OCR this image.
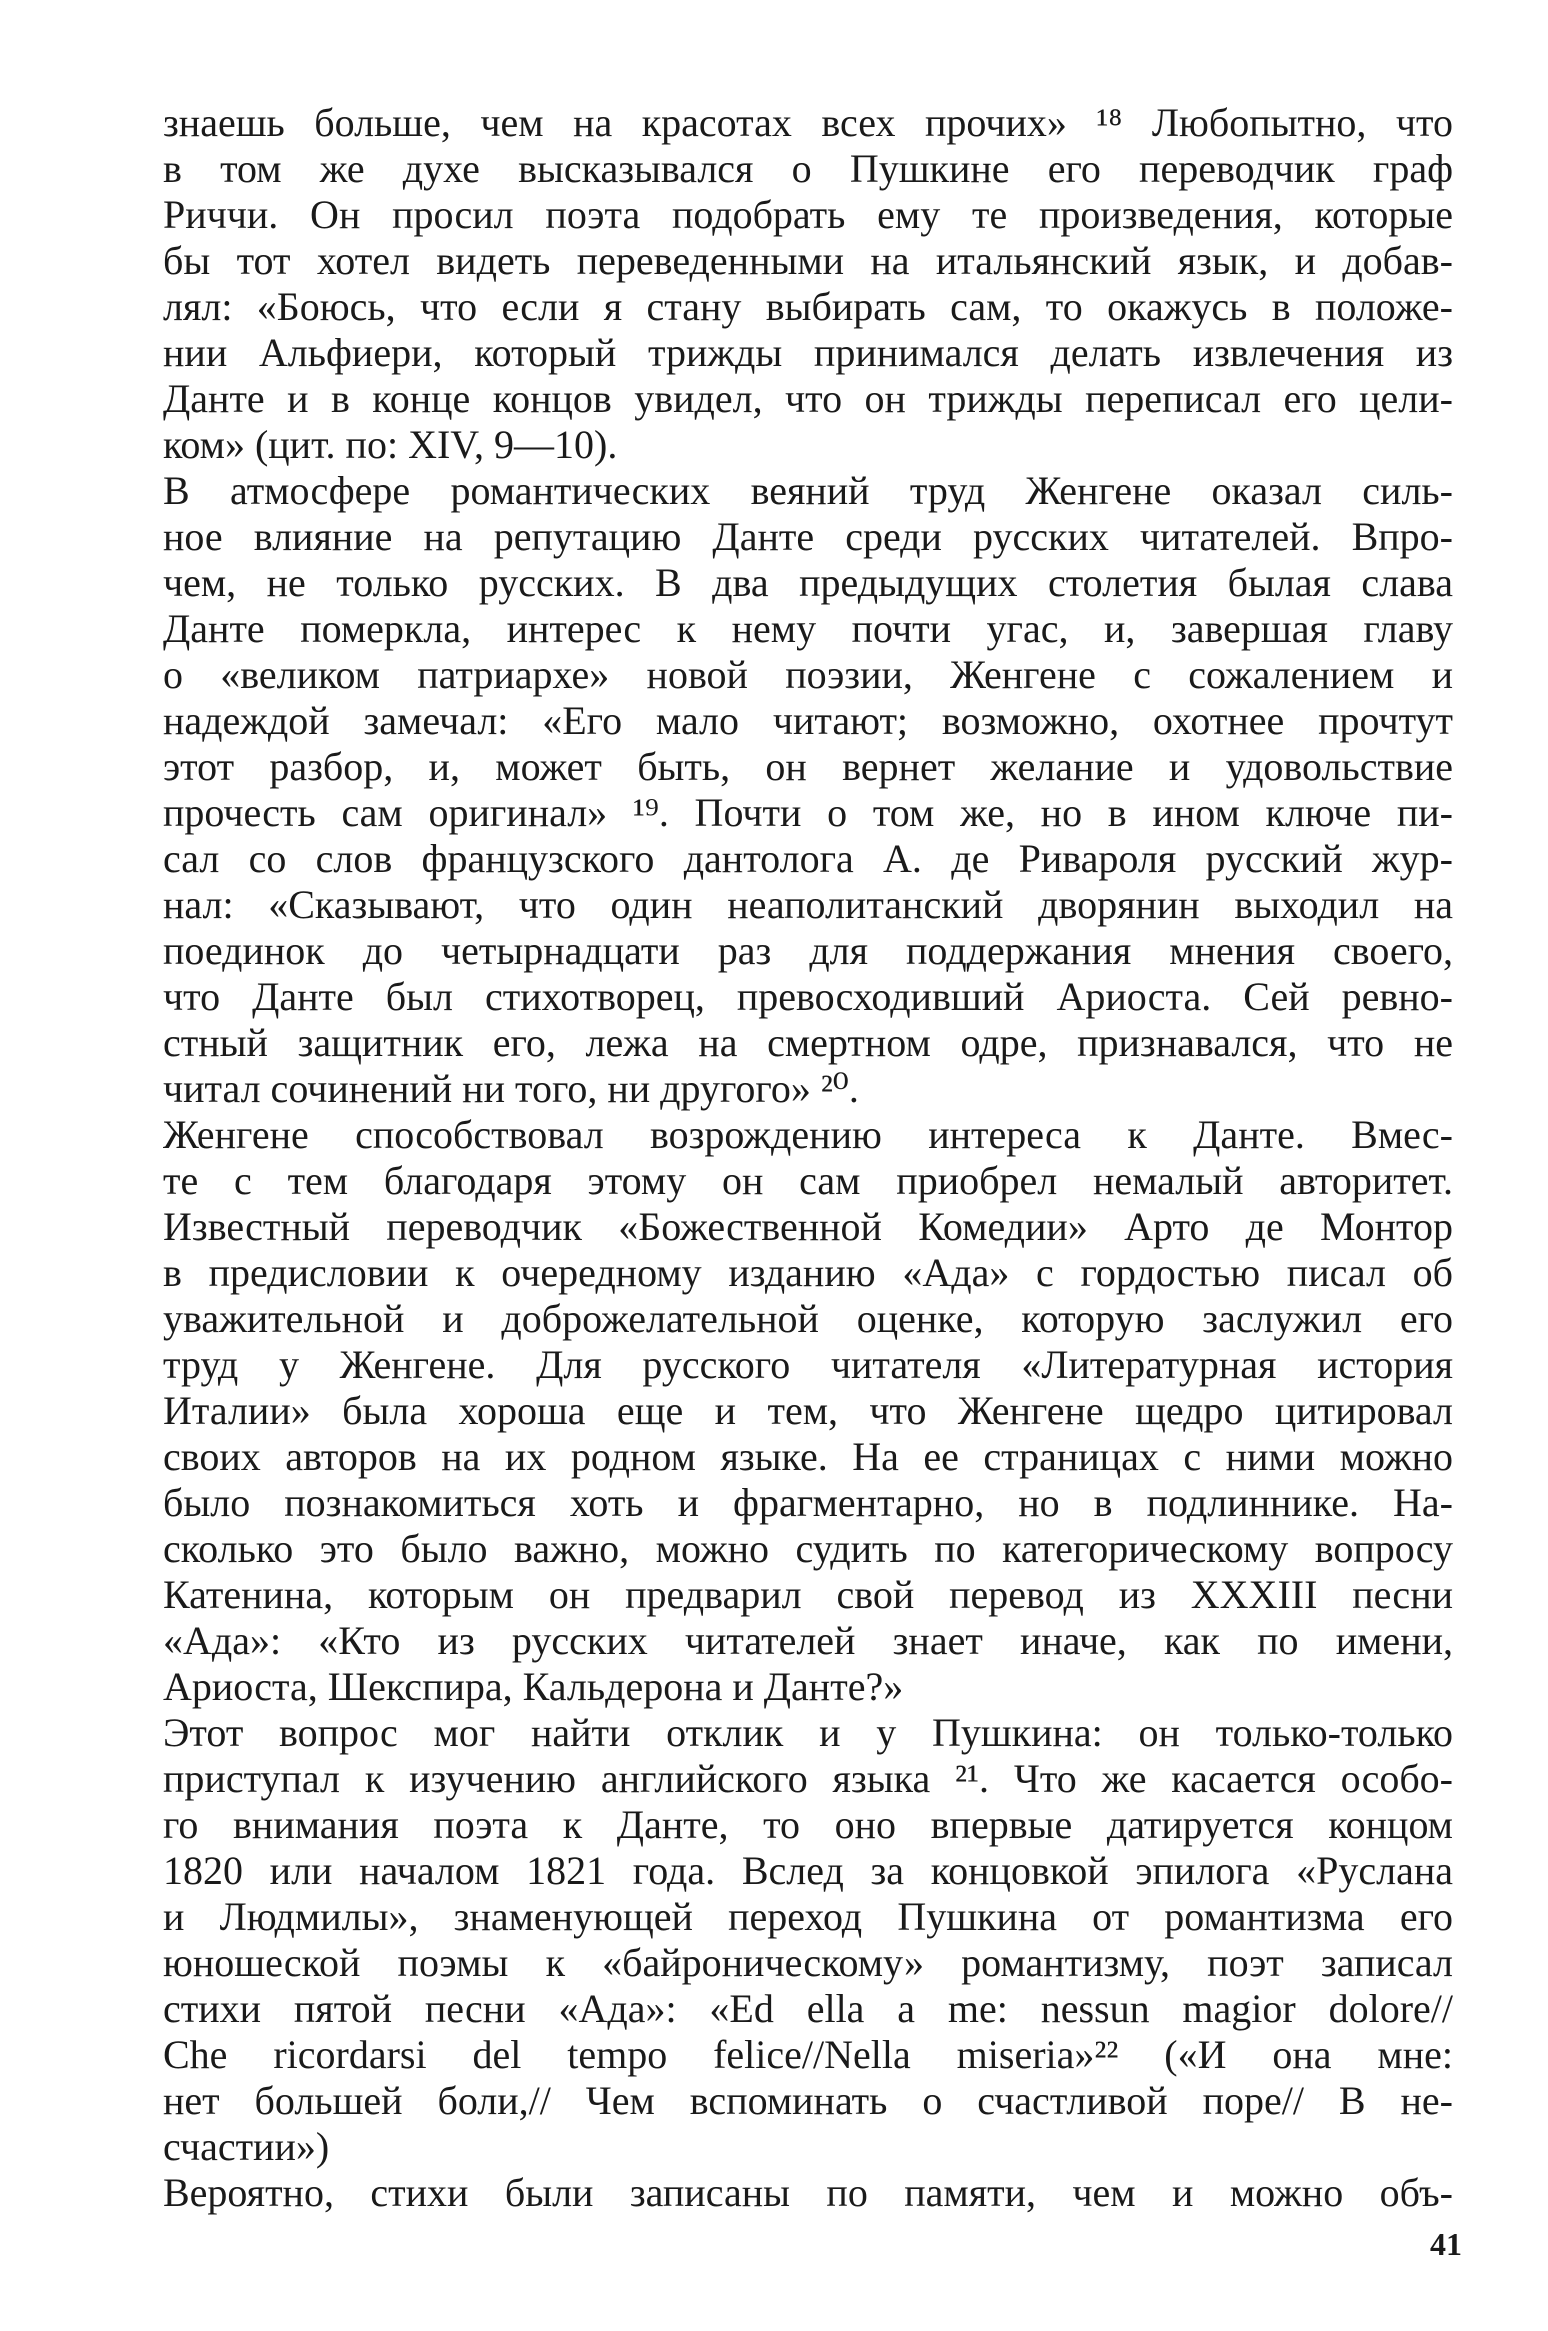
знаешь больше, чем на красотах всех прочих» ¹⁸ Любопытно, что
в том же духе высказывался о Пушкине его переводчик граф
Риччи. Он просил поэта подобрать ему те произведения, которые
бы тот хотел видеть переведенными на итальянский язык, и добав-
лял: «Боюсь, что если я стану выбирать сам, то окажусь в положе-
нии Альфиери, который трижды принимался делать извлечения из
Данте и в конце концов увидел, что он трижды переписал его цели-
ком» (цит. по: XIV, 9—10).
В атмосфере романтических веяний труд Женгене оказал силь-
ное влияние на репутацию Данте среди русских читателей. Впро-
чем, не только русских. В два предыдущих столетия былая слава
Данте померкла, интерес к нему почти угас, и, завершая главу
о «великом патриархе» новой поэзии, Женгене с сожалением и
надеждой замечал: «Его мало читают; возможно, охотнее прочтут
этот разбор, и, может быть, он вернет желание и удовольствие
прочесть сам оригинал» ¹⁹. Почти о том же, но в ином ключе пи-
сал со слов французского дантолога А. де Ривароля русский жур-
нал: «Сказывают, что один неаполитанский дворянин выходил на
поединок до четырнадцати раз для поддержания мнения своего,
что Данте был стихотворец, превосходивший Ариоста. Сей ревно-
стный защитник его, лежа на смертном одре, признавался, что не
читал сочинений ни того, ни другого» ²⁰.
Женгене способствовал возрождению интереса к Данте. Вмес-
те с тем благодаря этому он сам приобрел немалый авторитет.
Известный переводчик «Божественной Комедии» Арто де Монтор
в предисловии к очередному изданию «Ада» с гордостью писал об
уважительной и доброжелательной оценке, которую заслужил его
труд у Женгене. Для русского читателя «Литературная история
Италии» была хороша еще и тем, что Женгене щедро цитировал
своих авторов на их родном языке. На ее страницах с ними можно
было познакомиться хоть и фрагментарно, но в подлиннике. На-
сколько это было важно, можно судить по категорическому вопросу
Катенина, которым он предварил свой перевод из XXXIII песни
«Ада»: «Кто из русских читателей знает иначе, как по имени,
Ариоста, Шекспира, Кальдерона и Данте?»
Этот вопрос мог найти отклик и у Пушкина: он только-только
приступал к изучению английского языка ²¹. Что же касается особо-
го внимания поэта к Данте, то оно впервые датируется концом
1820 или началом 1821 года. Вслед за концовкой эпилога «Руслана
и Людмилы», знаменующей переход Пушкина от романтизма его
юношеской поэмы к «байроническому» романтизму, поэт записал
стихи пятой песни «Ада»: «Ed ella a me: nessun magior dolore//
Che ricordarsi del tempo felice//Nella miseria»²² («И она мне:
нет большей боли,// Чем вспоминать о счастливой поре// В не-
счастии»)
Вероятно, стихи были записаны по памяти, чем и можно объ-
41
